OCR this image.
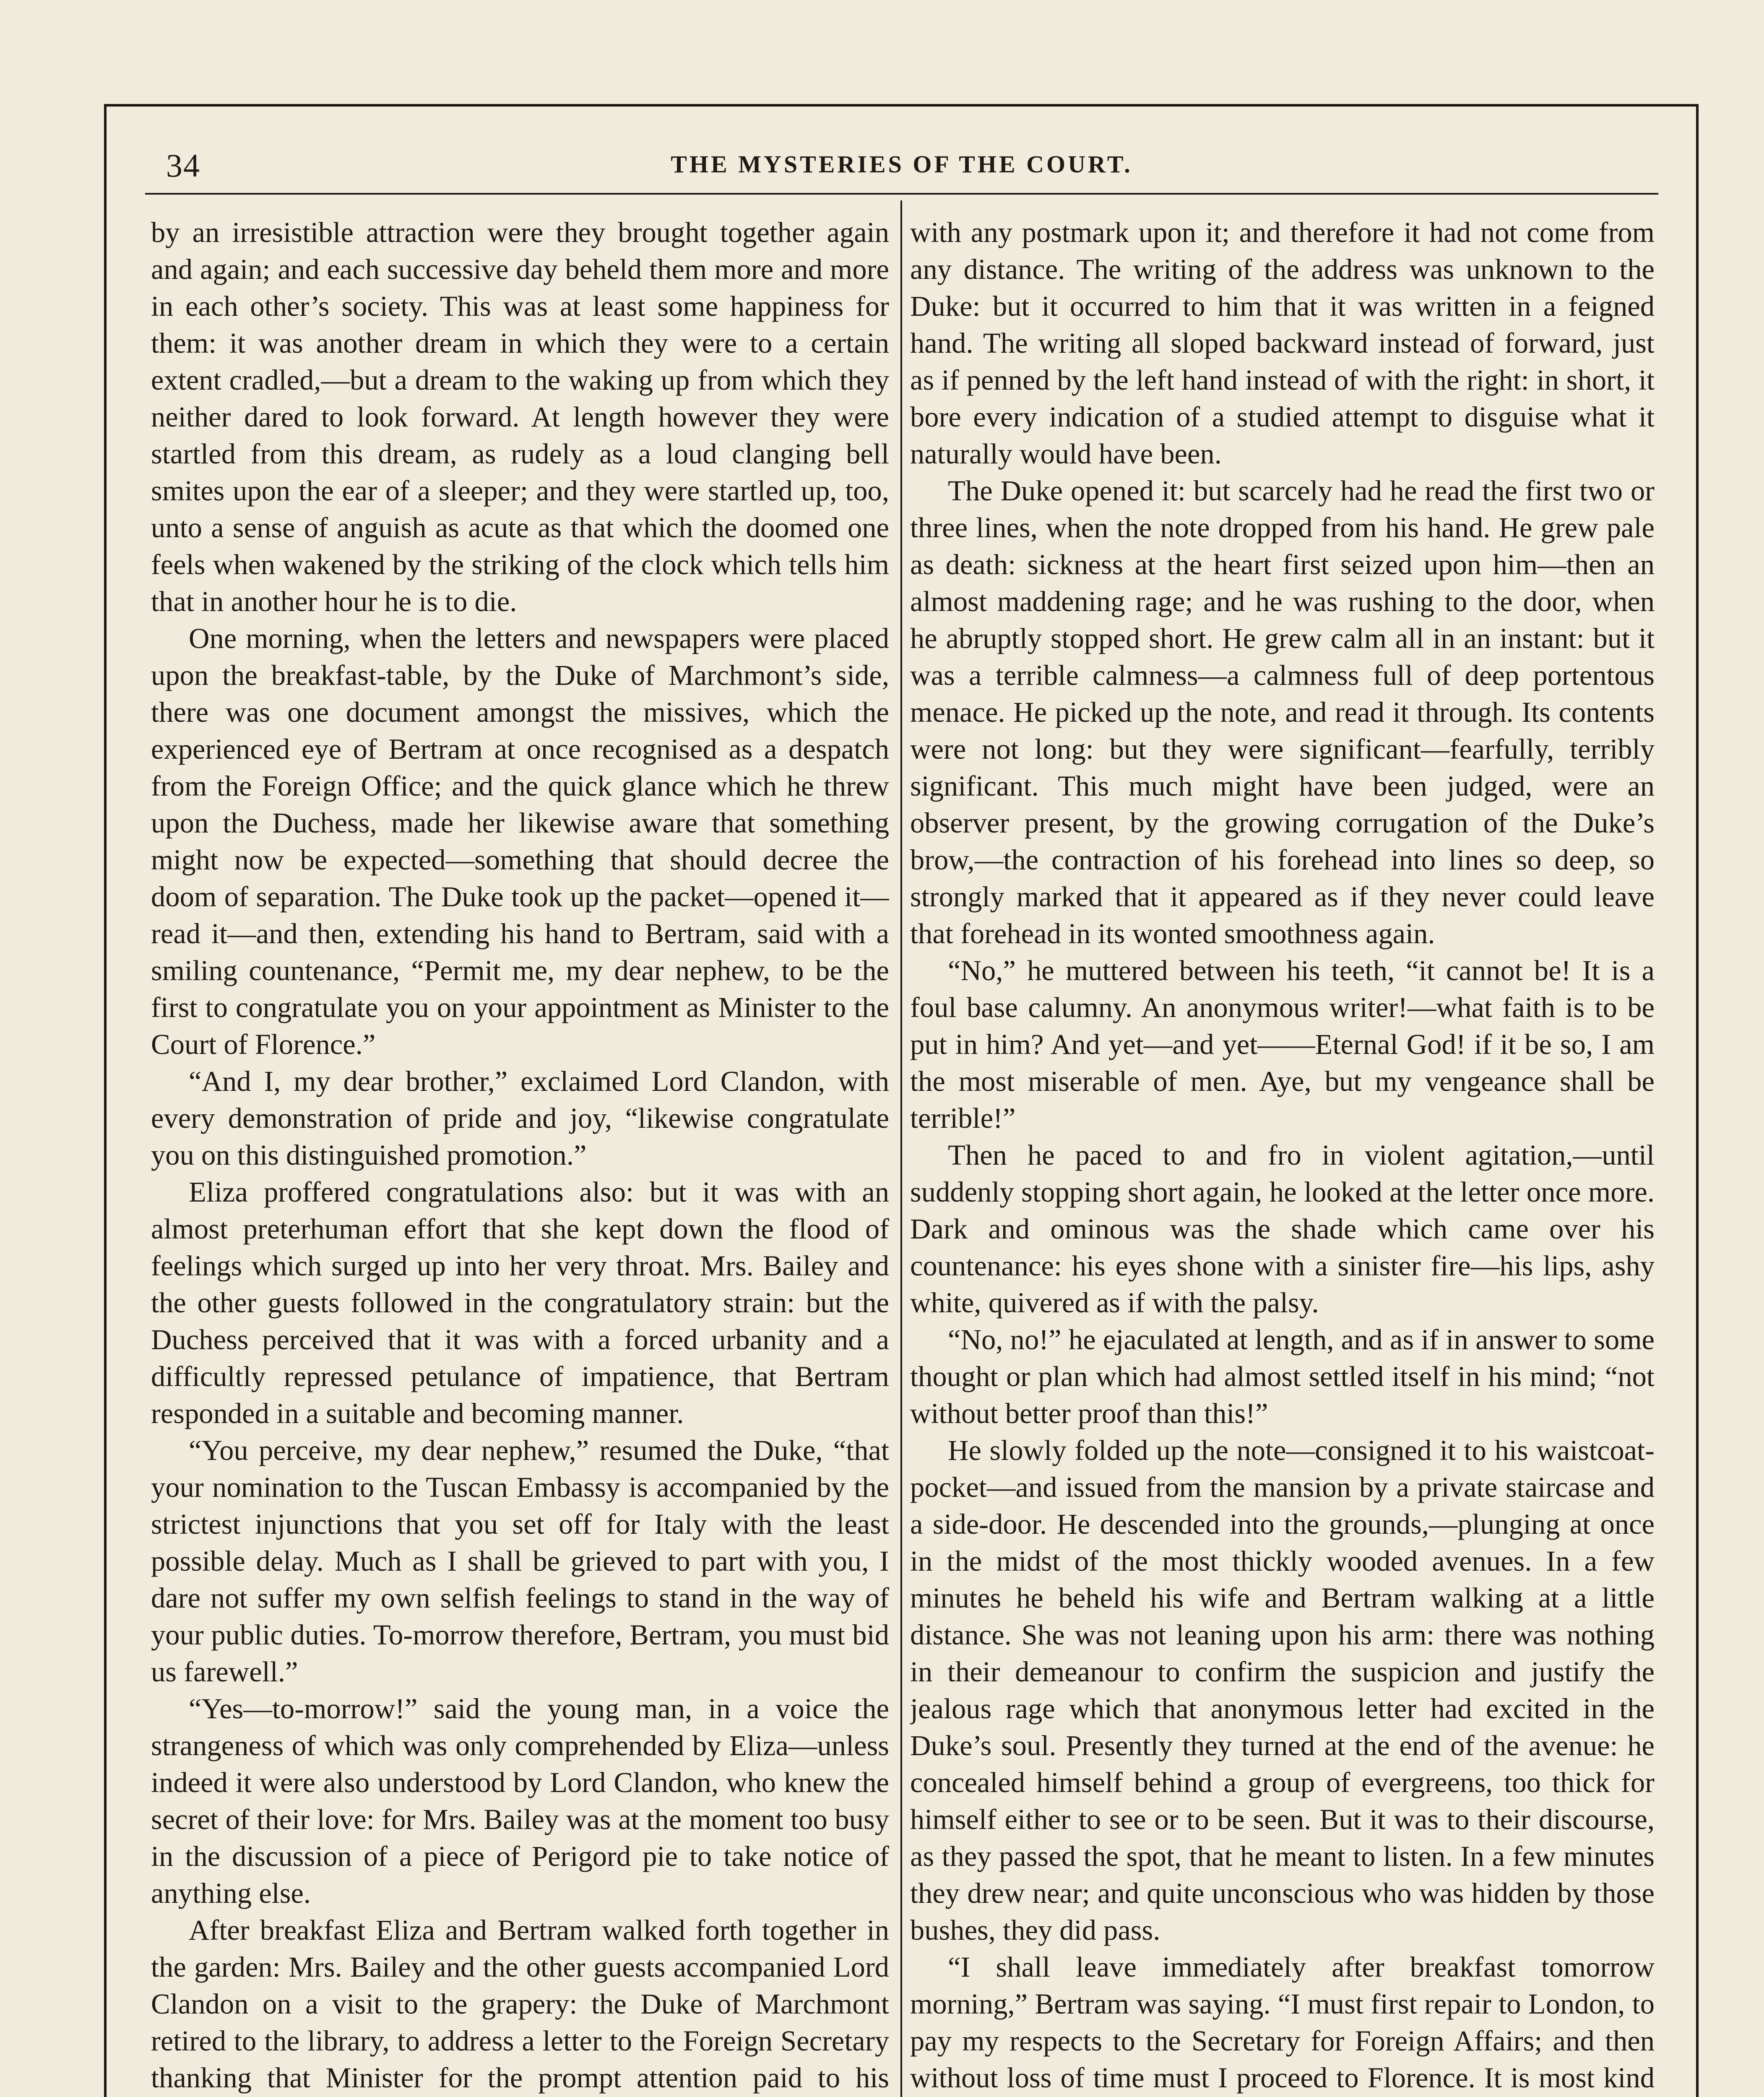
34	THE MYSTERIES OF THE COURT.

by an irresistible attraction were they brought together again and again; and each successive day beheld them more and more in each other’s society. This was at least some happiness for them: it was another dream in which they were to a certain extent cradled,—but a dream to the waking up from which they neither dared to look forward. At length however they were startled from this dream, as rudely as a loud clanging bell smites upon the ear of a sleeper; and they were startled up, too, unto a sense of anguish as acute as that which the doomed one feels when wakened by the striking of the clock which tells him that in another hour he is to die.

One morning, when the letters and newspapers were placed upon the breakfast-table, by the Duke of Marchmont’s side, there was one document amongst the missives, which the experienced eye of Bertram at once recognised as a despatch from the Foreign Office; and the quick glance which he threw upon the Duchess, made her likewise aware that something might now be expected—something that should decree the doom of separation. The Duke took up the packet—opened it—read it—and then, extending his hand to Bertram, said with a smiling countenance, “Permit me, my dear nephew, to be the first to congratulate you on your appointment as Minister to the Court of Florence.”

“And I, my dear brother,” exclaimed Lord Clandon, with every demonstration of pride and joy, “likewise congratulate you on this distinguished promotion.”

Eliza proffered congratulations also: but it was with an almost preterhuman effort that she kept down the flood of feelings which surged up into her very throat. Mrs. Bailey and the other guests followed in the congratulatory strain: but the Duchess perceived that it was with a forced urbanity and a difficultly repressed petulance of impatience, that Bertram responded in a suitable and becoming manner.

“You perceive, my dear nephew,” resumed the Duke, “that your nomination to the Tuscan Embassy is accompanied by the strictest injunctions that you set off for Italy with the least possible delay. Much as I shall be grieved to part with you, I dare not suffer my own selfish feelings to stand in the way of your public duties. To-morrow therefore, Bertram, you must bid us farewell.”

“Yes—to-morrow!” said the young man, in a voice the strangeness of which was only comprehended by Eliza—unless indeed it were also understood by Lord Clandon, who knew the secret of their love: for Mrs. Bailey was at the moment too busy in the discussion of a piece of Perigord pie to take notice of anything else.

After breakfast Eliza and Bertram walked forth together in the garden: Mrs. Bailey and the other guests accompanied Lord Clandon on a visit to the grapery: the Duke of Marchmont retired to the library, to address a letter to the Foreign Secretary thanking that Minister for the prompt attention paid to his

with any postmark upon it; and therefore it had not come from any distance. The writing of the address was unknown to the Duke: but it occurred to him that it was written in a feigned hand. The writing all sloped backward instead of forward, just as if penned by the left hand instead of with the right: in short, it bore every indication of a studied attempt to disguise what it naturally would have been.

The Duke opened it: but scarcely had he read the first two or three lines, when the note dropped from his hand. He grew pale as death: sickness at the heart first seized upon him—then an almost maddening rage; and he was rushing to the door, when he abruptly stopped short. He grew calm all in an instant: but it was a terrible calmness—a calmness full of deep portentous menace. He picked up the note, and read it through. Its contents were not long: but they were significant—fearfully, terribly significant. This much might have been judged, were an observer present, by the growing corrugation of the Duke’s brow,—the contraction of his forehead into lines so deep, so strongly marked that it appeared as if they never could leave that forehead in its wonted smoothness again.

“No,” he muttered between his teeth, “it cannot be! It is a foul base calumny. An anonymous writer!—what faith is to be put in him? And yet—and yet——Eternal God! if it be so, I am the most miserable of men. Aye, but my vengeance shall be terrible!”

Then he paced to and fro in violent agitation,—until suddenly stopping short again, he looked at the letter once more. Dark and ominous was the shade which came over his countenance: his eyes shone with a sinister fire—his lips, ashy white, quivered as if with the palsy.

“No, no!” he ejaculated at length, and as if in answer to some thought or plan which had almost settled itself in his mind; “not without better proof than this!”

He slowly folded up the note—consigned it to his waistcoat-pocket—and issued from the mansion by a private staircase and a side-door. He descended into the grounds,—plunging at once in the midst of the most thickly wooded avenues. In a few minutes he beheld his wife and Bertram walking at a little distance. She was not leaning upon his arm: there was nothing in their demeanour to confirm the suspicion and justify the jealous rage which that anonymous letter had excited in the Duke’s soul. Presently they turned at the end of the avenue: he concealed himself behind a group of evergreens, too thick for himself either to see or to be seen. But it was to their discourse, as they passed the spot, that he meant to listen. In a few minutes they drew near; and quite unconscious who was hidden by those bushes, they did pass.

“I shall leave immediately after breakfast tomorrow morning,” Bertram was saying. “I must first repair to London, to pay my respects to the Secretary for Foreign Affairs; and then without loss of time must I proceed to Florence. It is most kind
